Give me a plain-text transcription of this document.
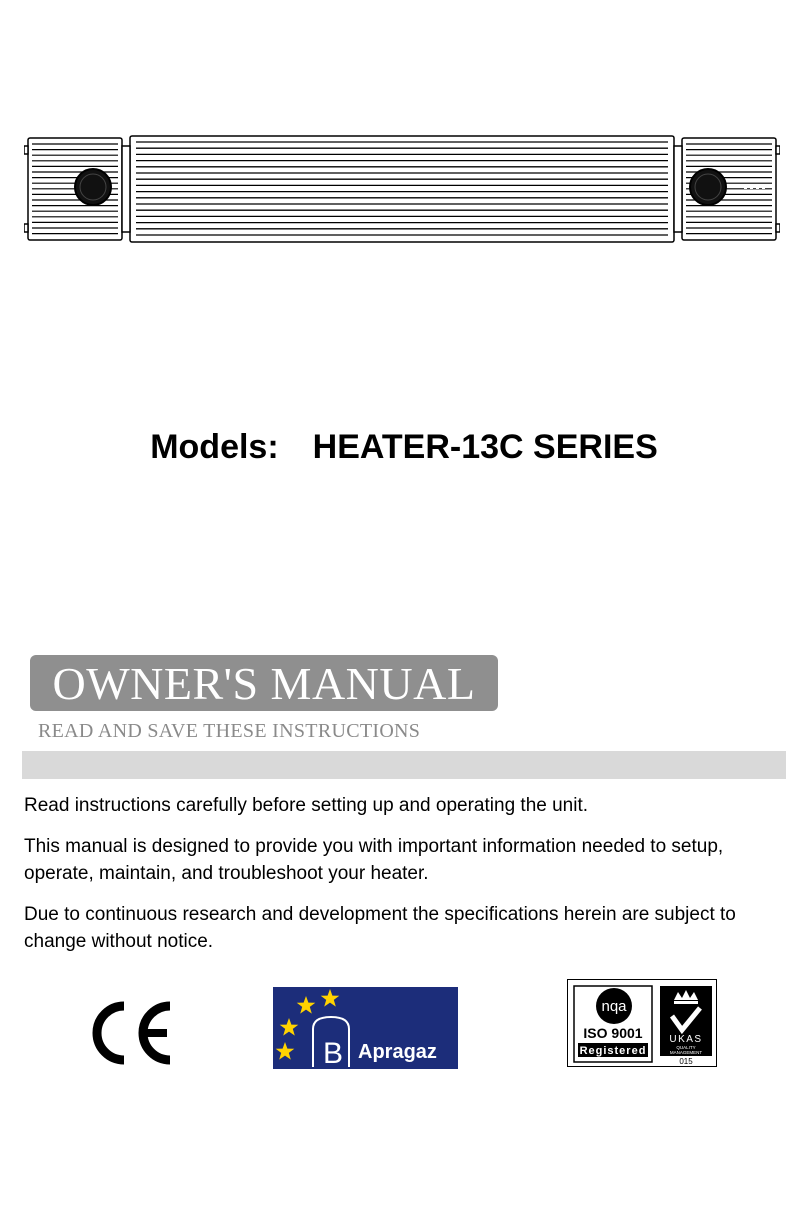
Models: HEATER-13C SERIES
OWNER'S MANUAL
READ AND SAVE THESE INSTRUCTIONS

Read instructions carefully before setting up and operating the unit.

This manual is designed to provide you with important information needed to setup, operate, maintain, and troubleshoot your heater.

Due to continuous research and development the specifications herein are subject to change without notice.

B Apragaz
nqa
ISO 9001
Registered
UKAS
QUALITY
MANAGEMENT
015
